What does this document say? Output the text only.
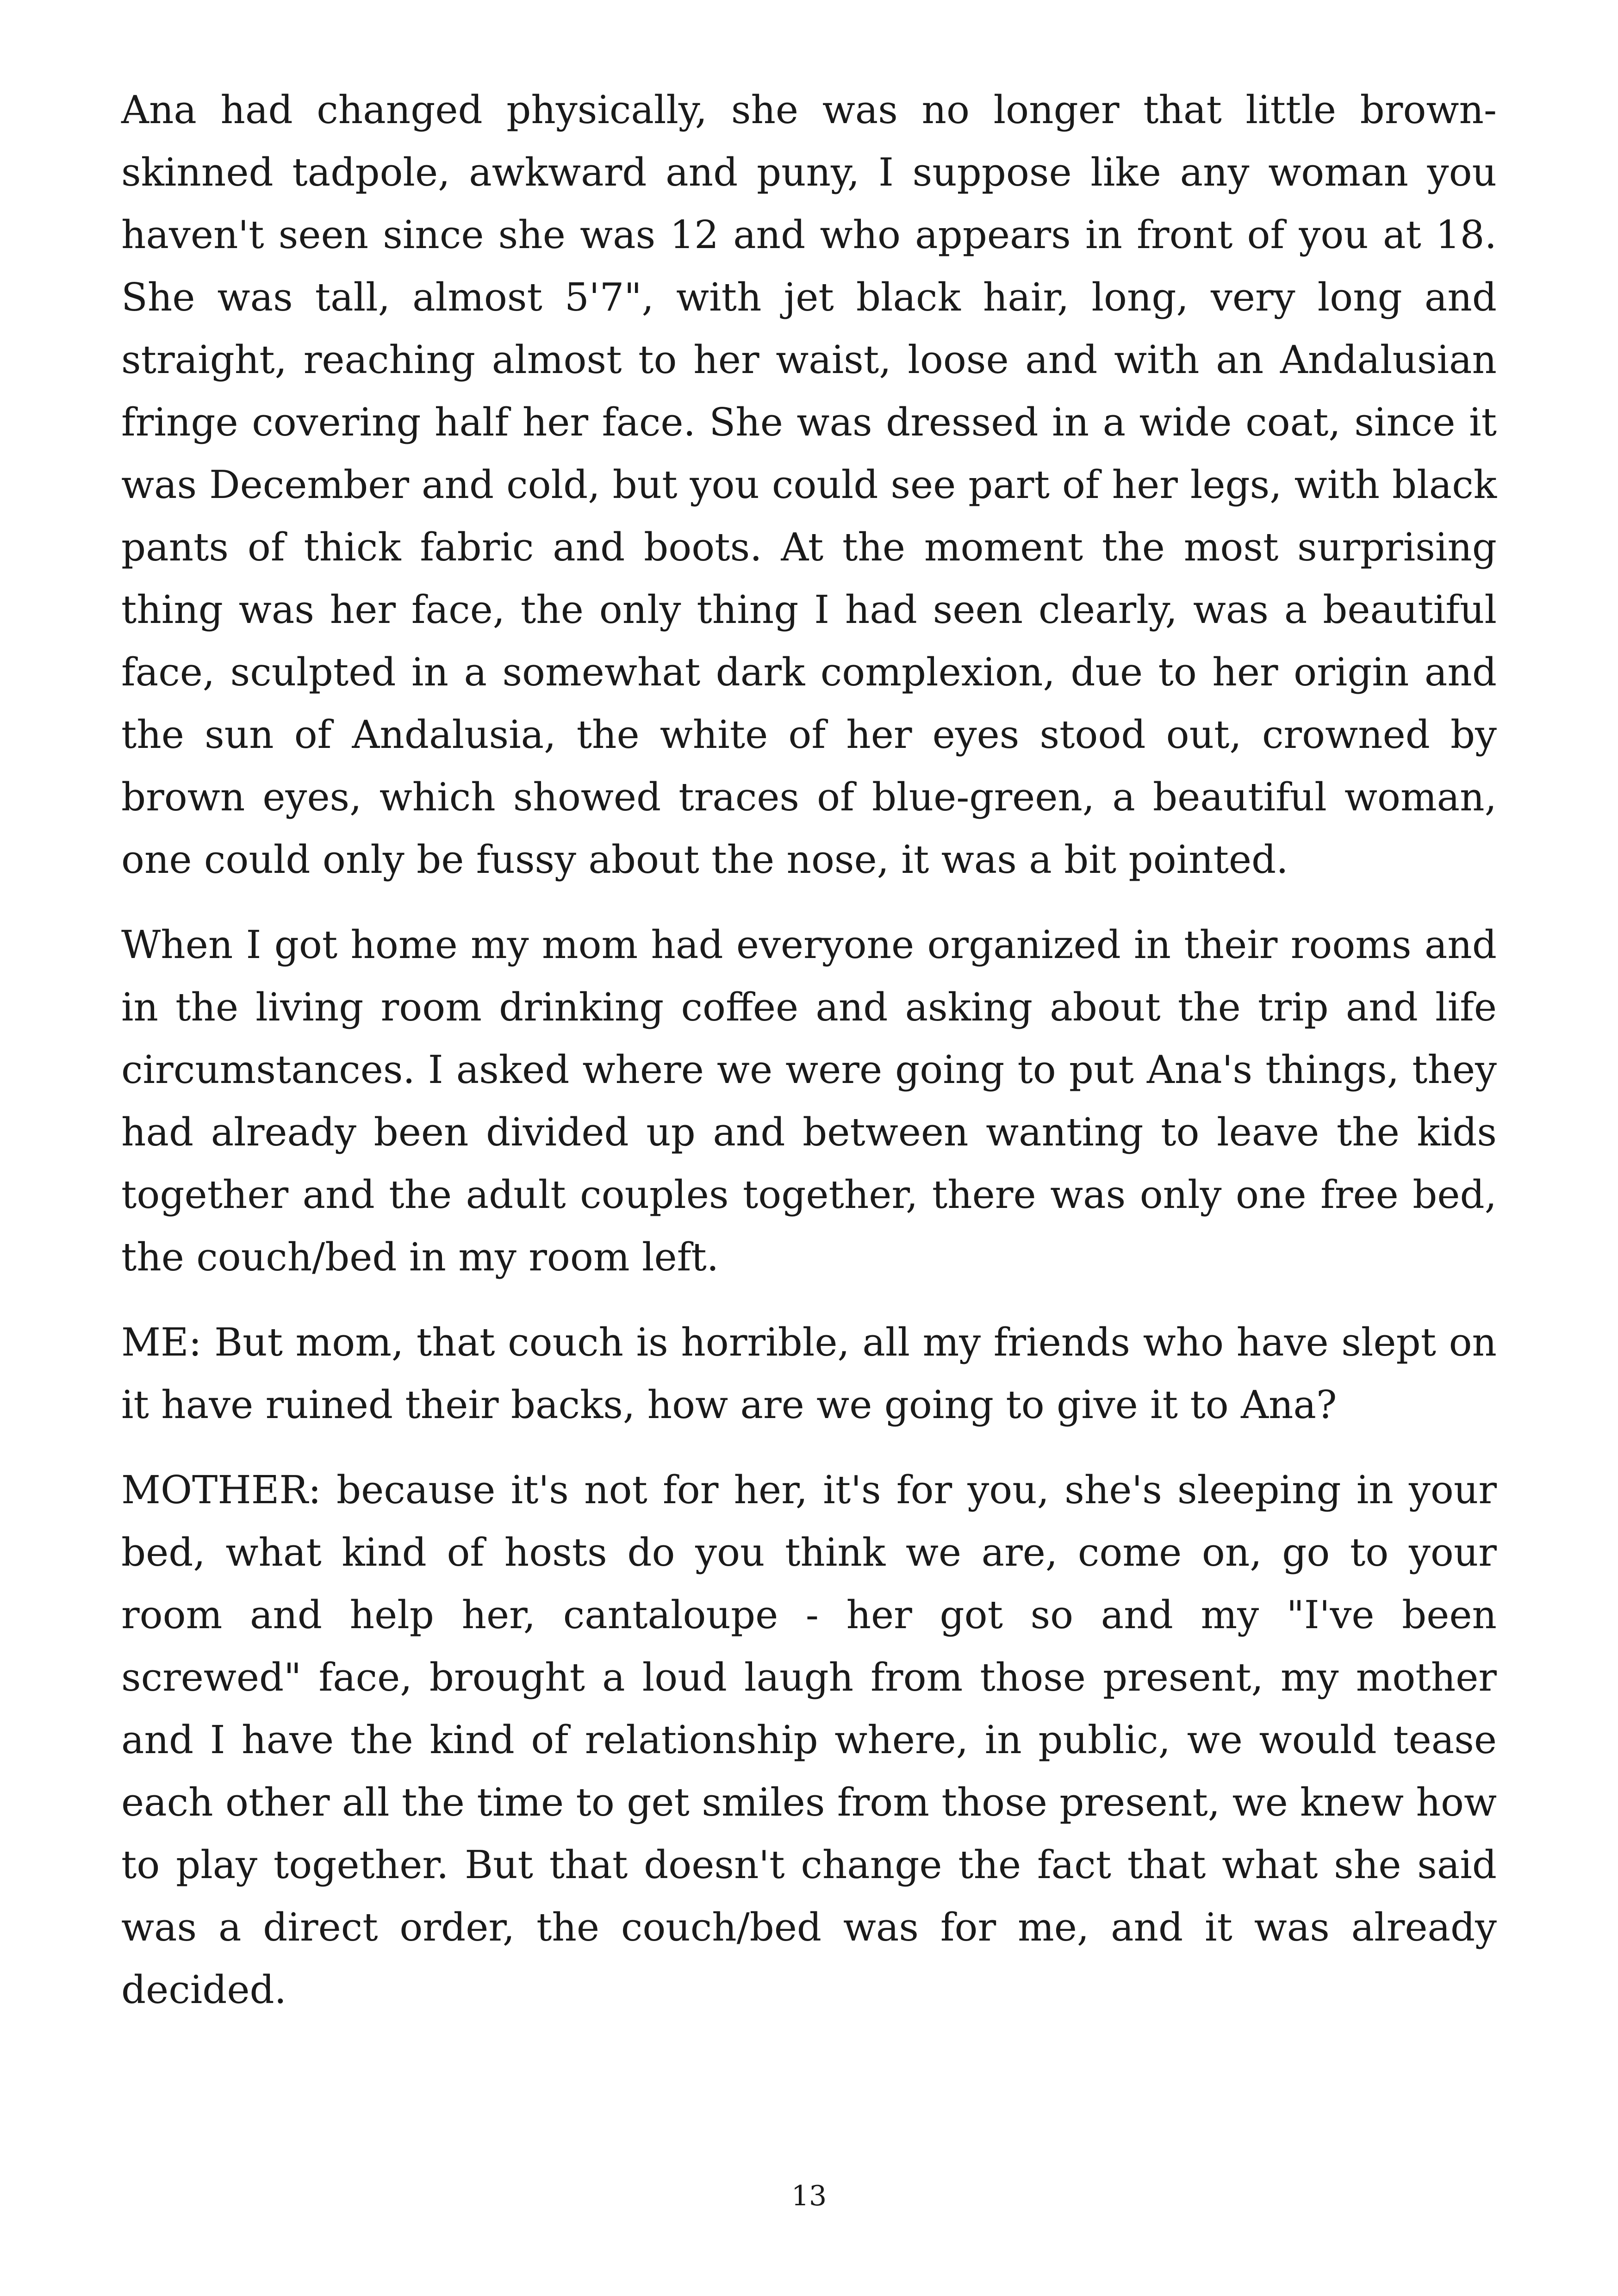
Ana had changed physically, she was no longer that little brown-skinned tadpole, awkward and puny, I suppose like any woman you haven't seen since she was 12 and who appears in front of you at 18. She was tall, almost 5'7", with jet black hair, long, very long and straight, reaching almost to her waist, loose and with an Andalusian fringe covering half her face. She was dressed in a wide coat, since it was December and cold, but you could see part of her legs, with black pants of thick fabric and boots. At the moment the most surprising thing was her face, the only thing I had seen clearly, was a beautiful face, sculpted in a somewhat dark complexion, due to her origin and the sun of Andalusia, the white of her eyes stood out, crowned by brown eyes, which showed traces of blue-green, a beautiful woman, one could only be fussy about the nose, it was a bit pointed.

When I got home my mom had everyone organized in their rooms and in the living room drinking coffee and asking about the trip and life circumstances. I asked where we were going to put Ana's things, they had already been divided up and between wanting to leave the kids together and the adult couples together, there was only one free bed, the couch/bed in my room left.

ME: But mom, that couch is horrible, all my friends who have slept on it have ruined their backs, how are we going to give it to Ana?

MOTHER: because it's not for her, it's for you, she's sleeping in your bed, what kind of hosts do you think we are, come on, go to your room and help her, cantaloupe - her got so and my "I've been screwed" face, brought a loud laugh from those present, my mother and I have the kind of relationship where, in public, we would tease each other all the time to get smiles from those present, we knew how to play together. But that doesn't change the fact that what she said was a direct order, the couch/bed was for me, and it was already decided.

13
